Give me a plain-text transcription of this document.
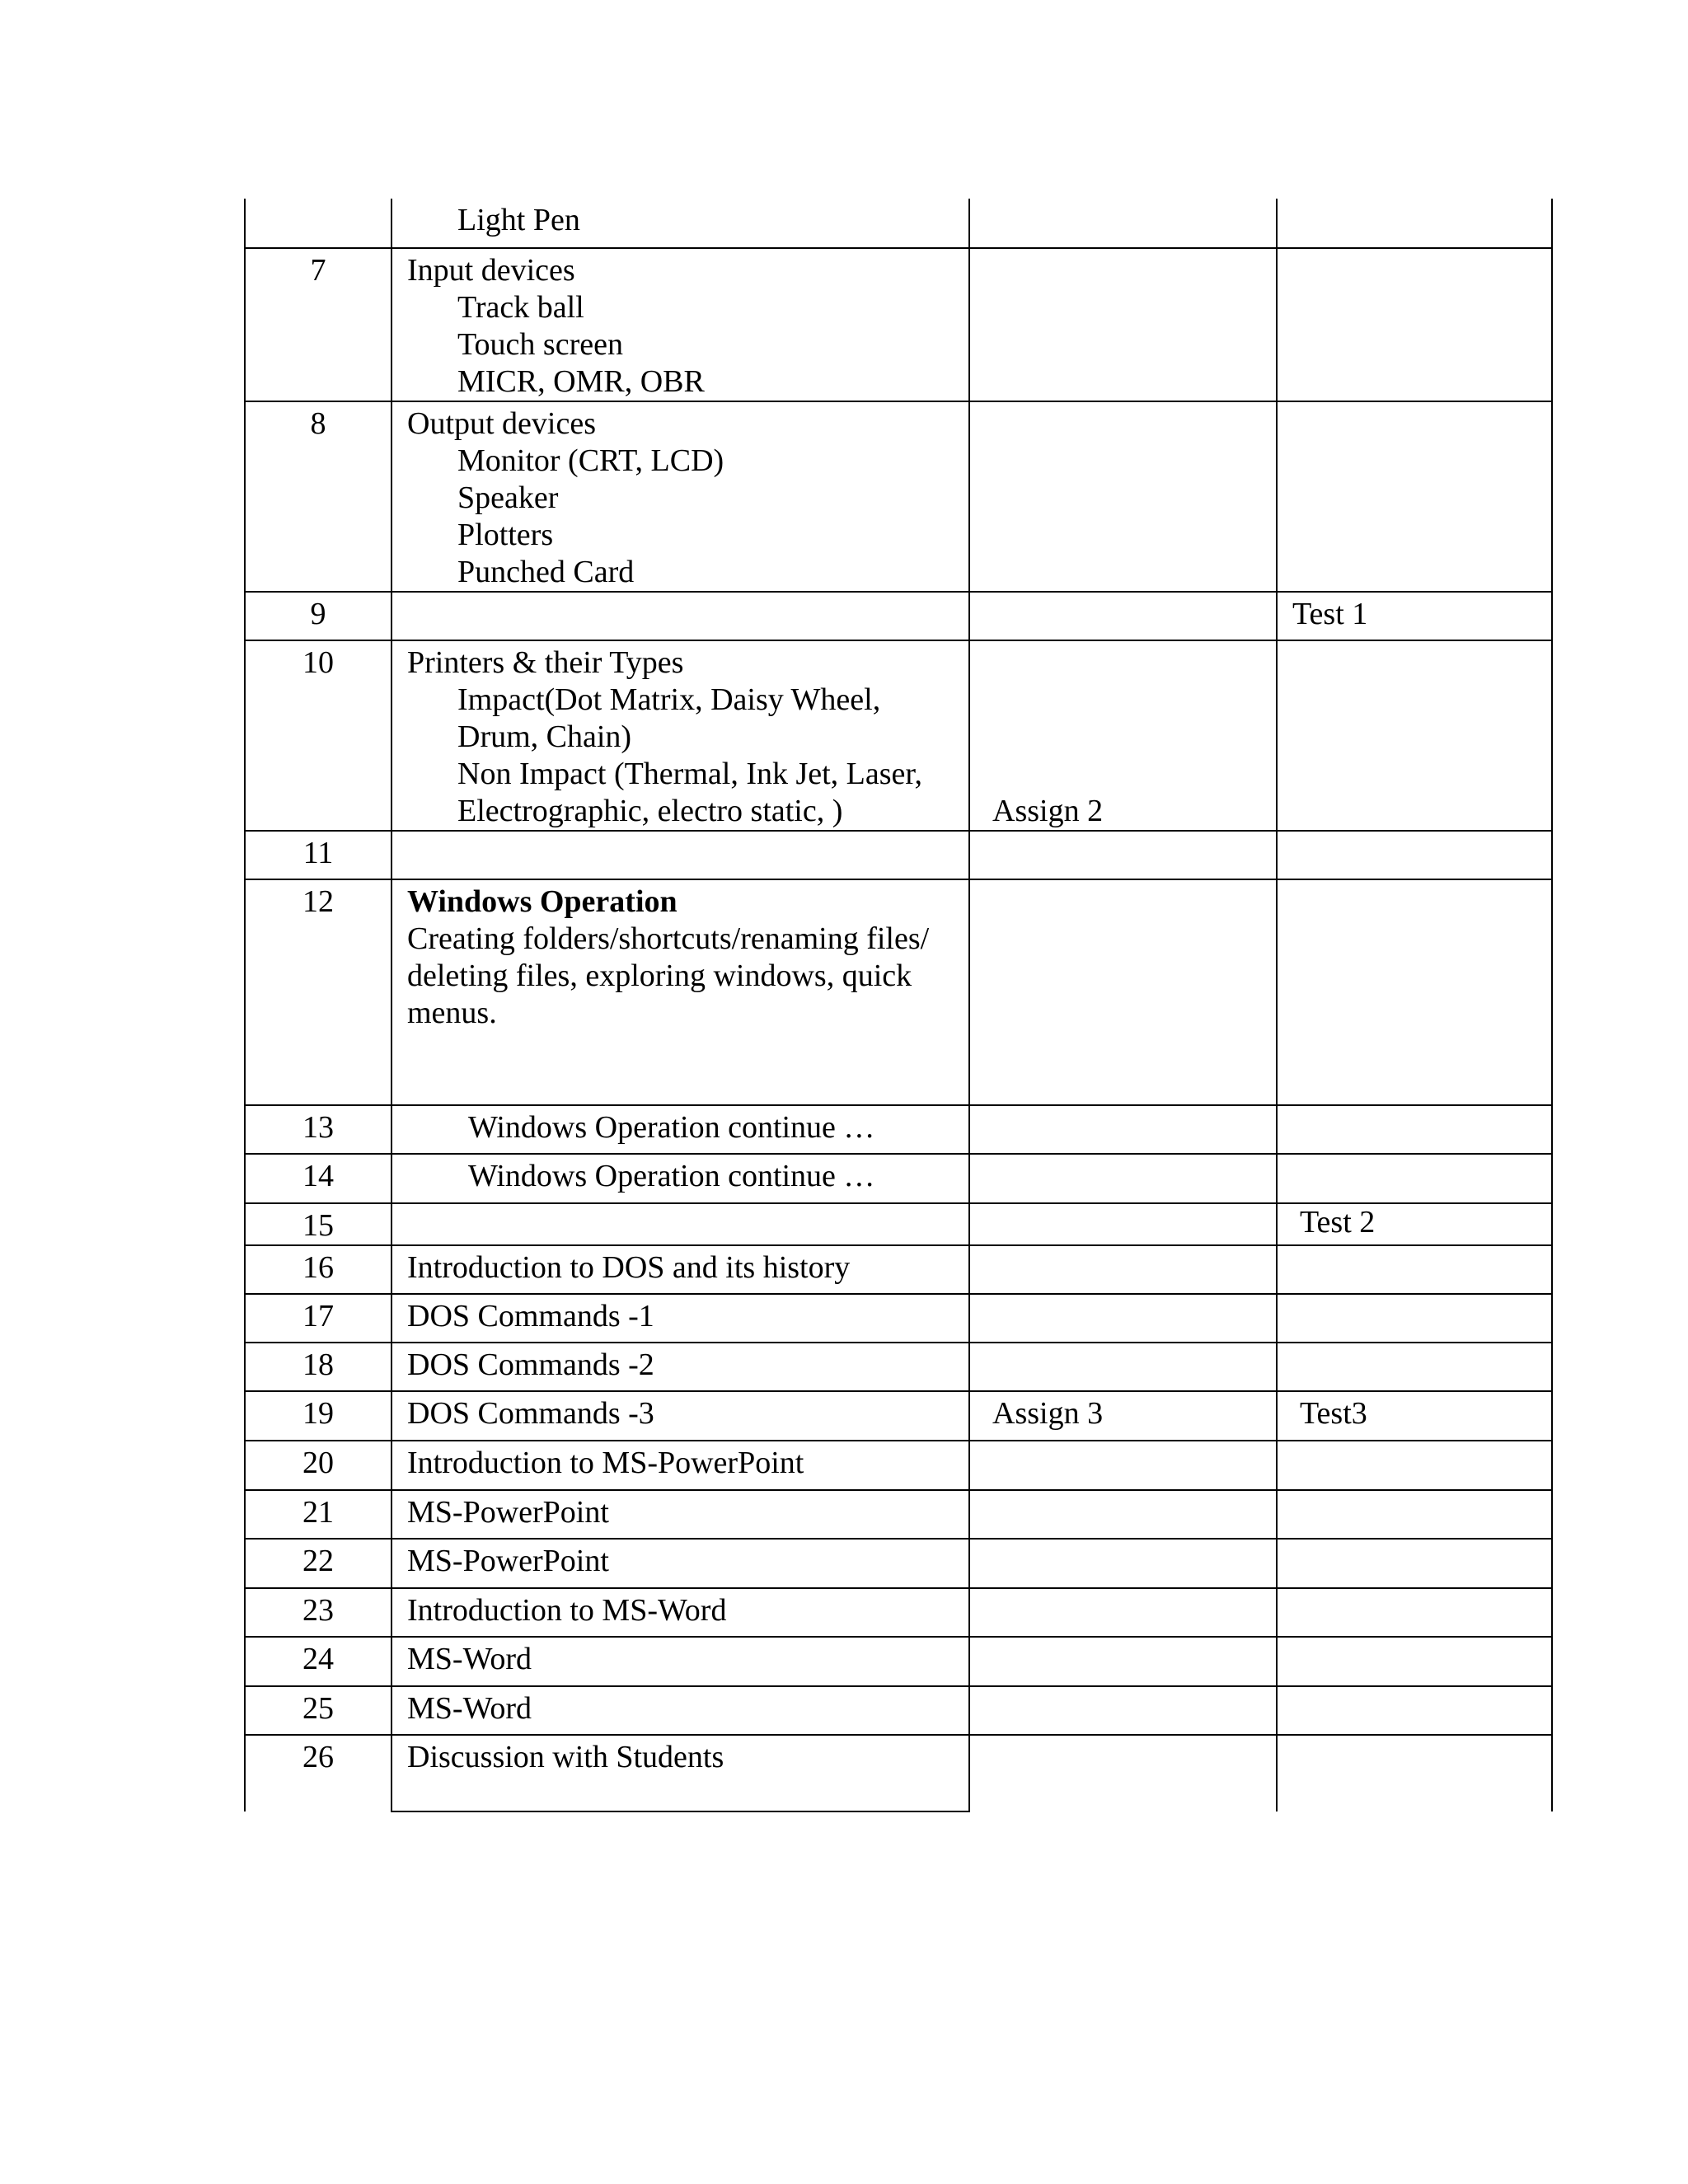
	Light Pen		

7	Input devices
Track ball
Touch screen
MICR, OMR, OBR		

8	Output devices
Monitor (CRT, LCD)
Speaker
Plotters
Punched Card		

9			Test 1
10	Printers & their Types
Impact(Dot Matrix, Daisy Wheel,
Drum, Chain)
Non Impact (Thermal, Ink Jet, Laser,
Electrographic, electro static, )	Assign 2	

11			
12	Windows Operation
Creating folders/shortcuts/renaming files/ deleting files, exploring windows, quick menus.		

13	Windows Operation continue …		

14	Windows Operation continue …		

15			Test 2
16	Introduction to DOS and its history		
17	DOS Commands -1		
18	DOS Commands -2		
19	DOS Commands -3	Assign 3	Test3
20	Introduction to MS-PowerPoint		
21	MS-PowerPoint		
22	MS-PowerPoint		
23	Introduction to MS-Word		
24	MS-Word		
25	MS-Word		
26	Discussion with Students		
